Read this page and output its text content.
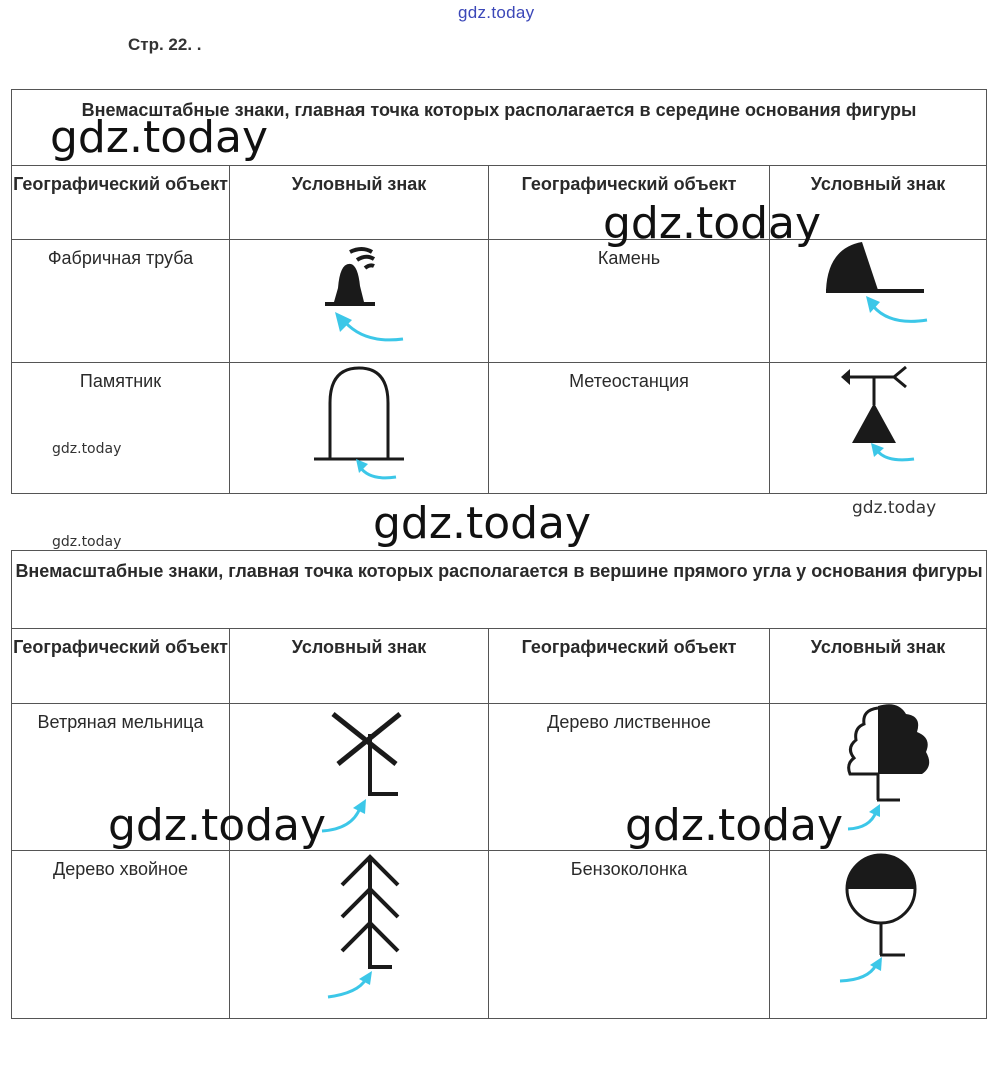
gdz.today
Стр. 22. .
Внемасштабные знаки, главная точка которых располагается в середине основания фигуры			
Географический объект	Условный знак	Географический объект	Условный знак
Фабричная труба		Камень	

Памятник		Метеостанция	
Внемасштабные знаки, главная точка которых располагается в вершине прямого угла у основания фигуры			
Географический объект	Условный знак	Географический объект	Условный знак
Ветряная мельница		Дерево лиственное	

Дерево хвойное		Бензоколонка	
gdz.today
gdz.today
gdz.today
gdz.today	gdz.today
gdz.today
gdz.today	gdz.today
